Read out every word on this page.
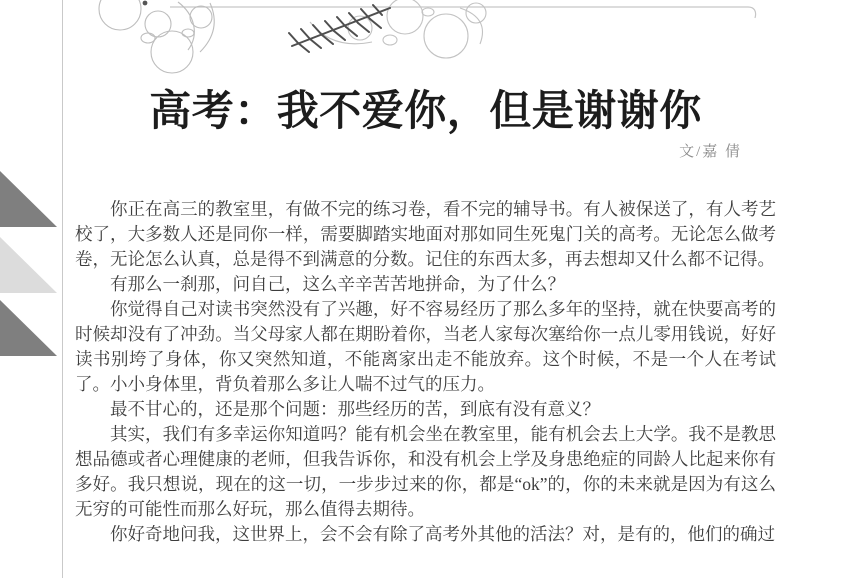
高考：我不爱你，但是谢谢你
文/嘉 倩

你正在高三的教室里，有做不完的练习卷，看不完的辅导书。有人被保送了，有人考艺校了，大多数人还是同你一样，需要脚踏实地面对那如同生死鬼门关的高考。无论怎么做考卷，无论怎么认真，总是得不到满意的分数。记住的东西太多，再去想却又什么都不记得。

有那么一刹那，问自己，这么辛辛苦苦地拼命，为了什么？

你觉得自己对读书突然没有了兴趣，好不容易经历了那么多年的坚持，就在快要高考的时候却没有了冲劲。当父母家人都在期盼着你，当老人家每次塞给你一点儿零用钱说，好好读书别垮了身体，你又突然知道，不能离家出走不能放弃。这个时候，不是一个人在考试了。小小身体里，背负着那么多让人喘不过气的压力。

最不甘心的，还是那个问题：那些经历的苦，到底有没有意义？

其实，我们有多幸运你知道吗？能有机会坐在教室里，能有机会去上大学。我不是教思想品德或者心理健康的老师，但我告诉你，和没有机会上学及身患绝症的同龄人比起来你有多好。我只想说，现在的这一切，一步步过来的你，都是“ok”的，你的未来就是因为有这么无穷的可能性而那么好玩，那么值得去期待。

你好奇地问我，这世界上，会不会有除了高考外其他的活法？对，是有的，他们的确过
